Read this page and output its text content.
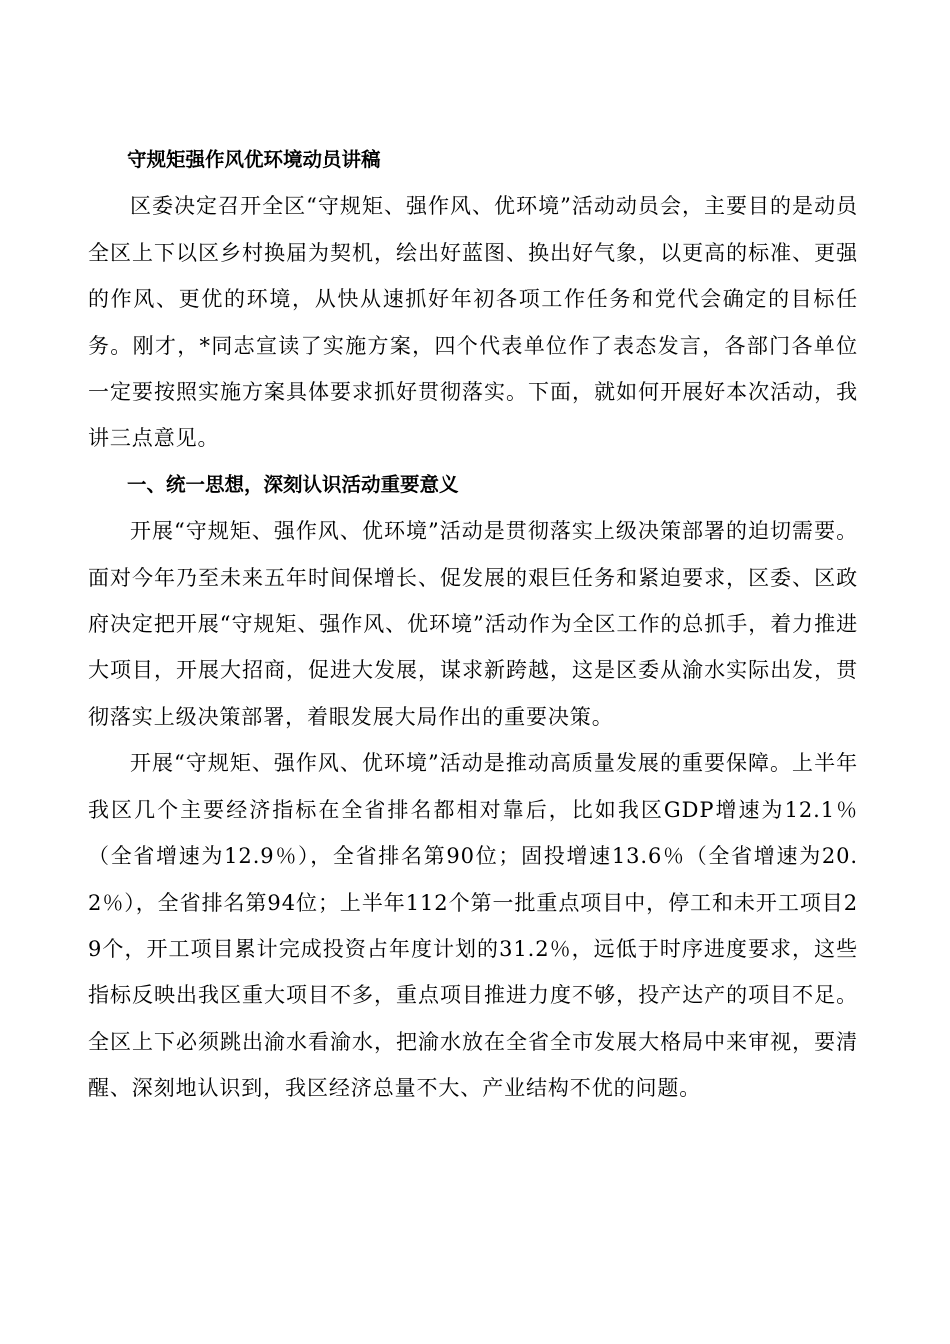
守规矩强作风优环境动员讲稿

区委决定召开全区“守规矩、强作风、优环境”活动动员会，主要目的是动员全区上下以区乡村换届为契机，绘出好蓝图、换出好气象，以更高的标准、更强的作风、更优的环境，从快从速抓好年初各项工作任务和党代会确定的目标任务。刚才，*同志宣读了实施方案，四个代表单位作了表态发言，各部门各单位一定要按照实施方案具体要求抓好贯彻落实。下面，就如何开展好本次活动，我讲三点意见。

一、统一思想，深刻认识活动重要意义

开展“守规矩、强作风、优环境”活动是贯彻落实上级决策部署的迫切需要。面对今年乃至未来五年时间保增长、促发展的艰巨任务和紧迫要求，区委、区政府决定把开展“守规矩、强作风、优环境”活动作为全区工作的总抓手，着力推进大项目，开展大招商，促进大发展，谋求新跨越，这是区委从渝水实际出发，贯彻落实上级决策部署，着眼发展大局作出的重要决策。

开展“守规矩、强作风、优环境”活动是推动高质量发展的重要保障。上半年我区几个主要经济指标在全省排名都相对靠后，比如我区GDP增速为12.1％（全省增速为12.9％），全省排名第90位；固投增速13.6％（全省增速为20.2％），全省排名第94位；上半年112个第一批重点项目中，停工和未开工项目29个，开工项目累计完成投资占年度计划的31.2％，远低于时序进度要求，这些指标反映出我区重大项目不多，重点项目推进力度不够，投产达产的项目不足。全区上下必须跳出渝水看渝水，把渝水放在全省全市发展大格局中来审视，要清醒、深刻地认识到，我区经济总量不大、产业结构不优的问题。
